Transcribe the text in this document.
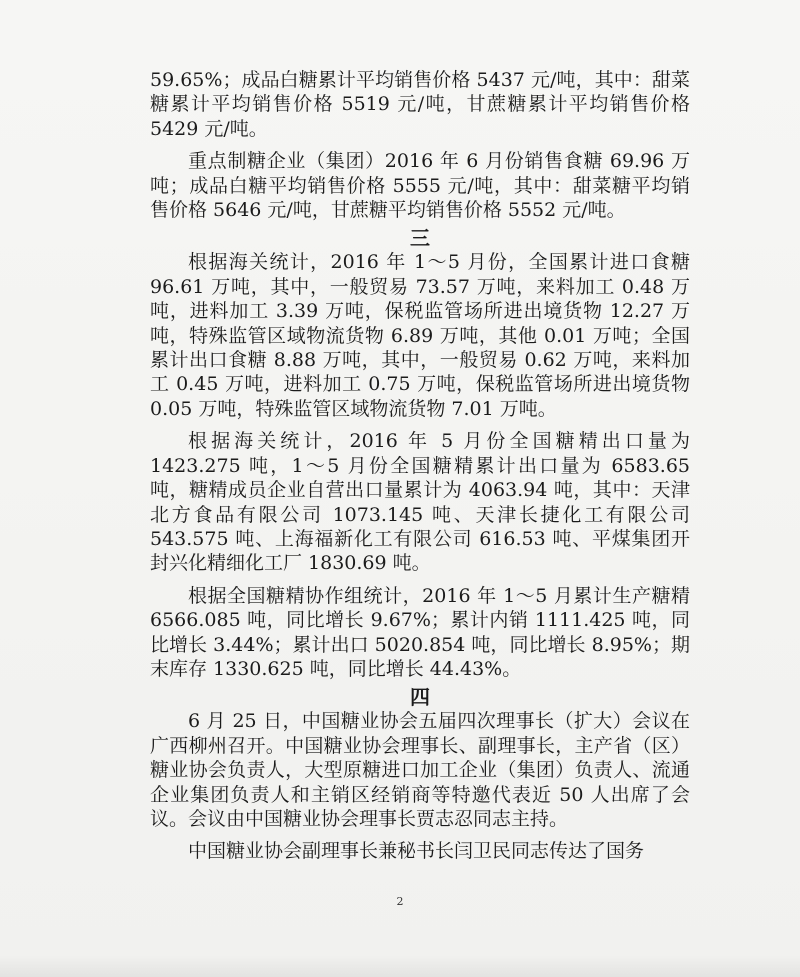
59.65%；成品白糖累计平均销售价格 5437 元/吨，其中：甜菜糖累计平均销售价格 5519 元/吨，甘蔗糖累计平均销售价格 5429 元/吨。

重点制糖企业（集团）2016 年 6 月份销售食糖 69.96 万吨；成品白糖平均销售价格 5555 元/吨，其中：甜菜糖平均销售价格 5646 元/吨，甘蔗糖平均销售价格 5552 元/吨。

三

根据海关统计，2016 年 1～5 月份，全国累计进口食糖 96.61 万吨，其中，一般贸易 73.57 万吨，来料加工 0.48 万吨，进料加工 3.39 万吨，保税监管场所进出境货物 12.27 万吨，特殊监管区域物流货物 6.89 万吨，其他 0.01 万吨；全国累计出口食糖 8.88 万吨，其中，一般贸易 0.62 万吨，来料加工 0.45 万吨，进料加工 0.75 万吨，保税监管场所进出境货物 0.05 万吨，特殊监管区域物流货物 7.01 万吨。

根据海关统计，2016 年 5 月份全国糖精出口量为 1423.275 吨，1～5 月份全国糖精累计出口量为 6583.65 吨，糖精成员企业自营出口量累计为 4063.94 吨，其中：天津北方食品有限公司 1073.145 吨、天津长捷化工有限公司 543.575 吨、上海福新化工有限公司 616.53 吨、平煤集团开封兴化精细化工厂 1830.69 吨。

根据全国糖精协作组统计，2016 年 1～5 月累计生产糖精 6566.085 吨，同比增长 9.67%；累计内销 1111.425 吨，同比增长 3.44%；累计出口 5020.854 吨，同比增长 8.95%；期末库存 1330.625 吨，同比增长 44.43%。

四

6 月 25 日，中国糖业协会五届四次理事长（扩大）会议在广西柳州召开。中国糖业协会理事长、副理事长，主产省（区）糖业协会负责人，大型原糖进口加工企业（集团）负责人、流通企业集团负责人和主销区经销商等特邀代表近 50 人出席了会议。会议由中国糖业协会理事长贾志忍同志主持。

中国糖业协会副理事长兼秘书长闫卫民同志传达了国务

2
